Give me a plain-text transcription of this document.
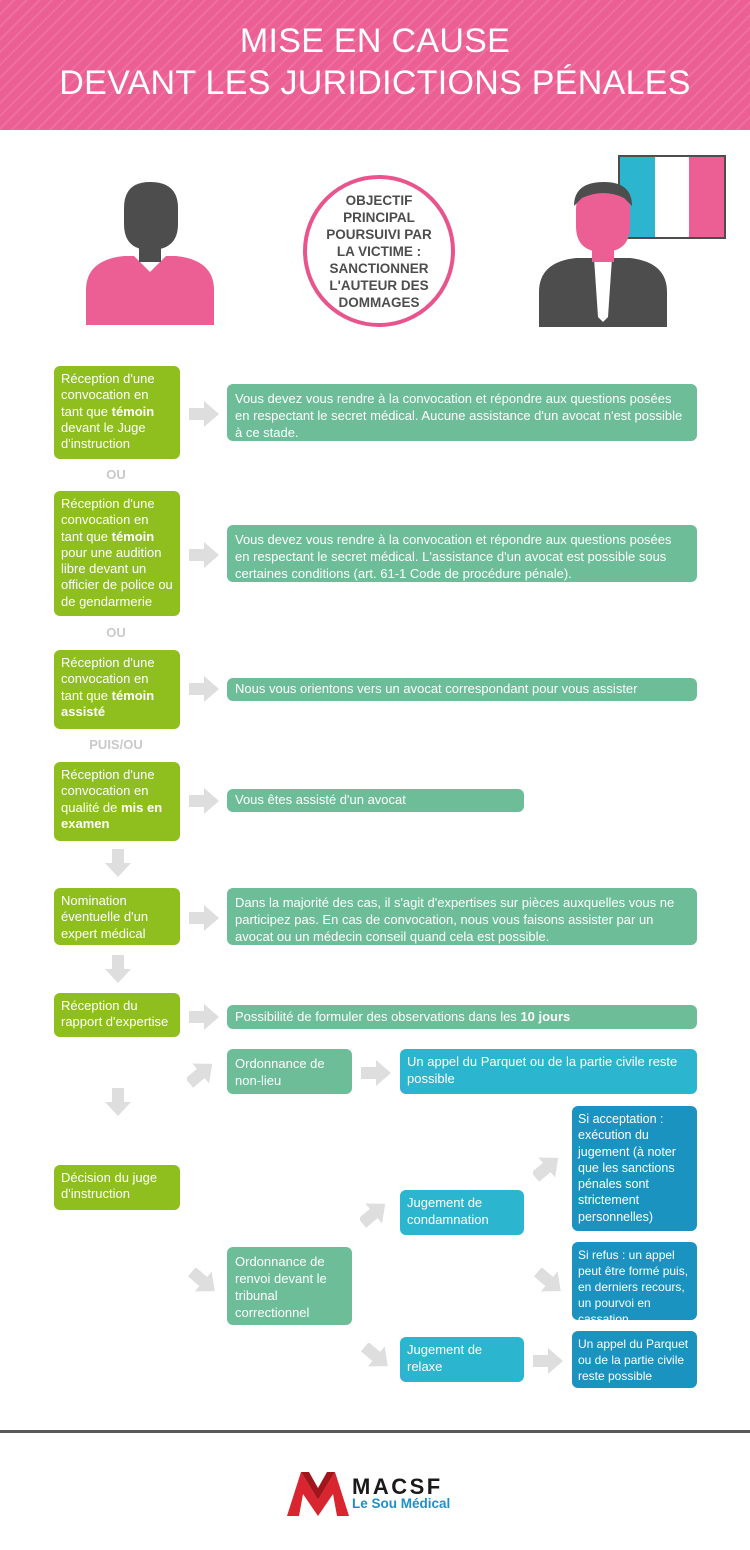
MISE EN CAUSE
DEVANT LES JURIDICTIONS PÉNALES
OBJECTIF
PRINCIPAL
POURSUIVI PAR
LA VICTIME :
SANCTIONNER
L'AUTEUR DES
DOMMAGES
Réception d'une convocation en tant que témoin devant le Juge d'instruction
Vous devez vous rendre à la convocation et répondre aux questions posées en respectant le secret médical. Aucune assistance d'un avocat n'est possible à ce stade.
OU
Réception d'une convocation en tant que témoin pour une audition libre devant un officier de police ou de gendarmerie
Vous devez vous rendre à la convocation et répondre aux questions posées en respectant le secret médical. L'assistance d'un avocat est possible sous certaines conditions (art. 61-1 Code de procédure pénale).
OU
Réception d'une convocation en tant que témoin assisté
Nous vous orientons vers un avocat correspondant pour vous assister
PUIS/OU
Réception d'une convocation en qualité de mis en examen
Vous êtes assisté d'un avocat
Nomination éventuelle d'un expert médical
Dans la majorité des cas, il s'agit d'expertises sur pièces auxquelles vous ne participez pas. En cas de convocation, nous vous faisons assister par un avocat ou un médecin conseil quand cela est possible.
Réception du rapport d'expertise	Possibilité de formuler des observations dans les 10 jours
Décision du juge d'instruction
Ordonnance de non-lieu
Un appel du Parquet ou de la partie civile reste possible
Ordonnance de renvoi devant le tribunal correctionnel
Jugement de condamnation
Jugement de relaxe
Si acceptation : exécution du jugement (à noter que les sanctions pénales sont strictement personnelles)
Si refus : un appel peut être formé puis, en derniers recours, un pourvoi en cassation
Un appel du Parquet ou de la partie civile reste possible
MACSF
Le Sou Médical
